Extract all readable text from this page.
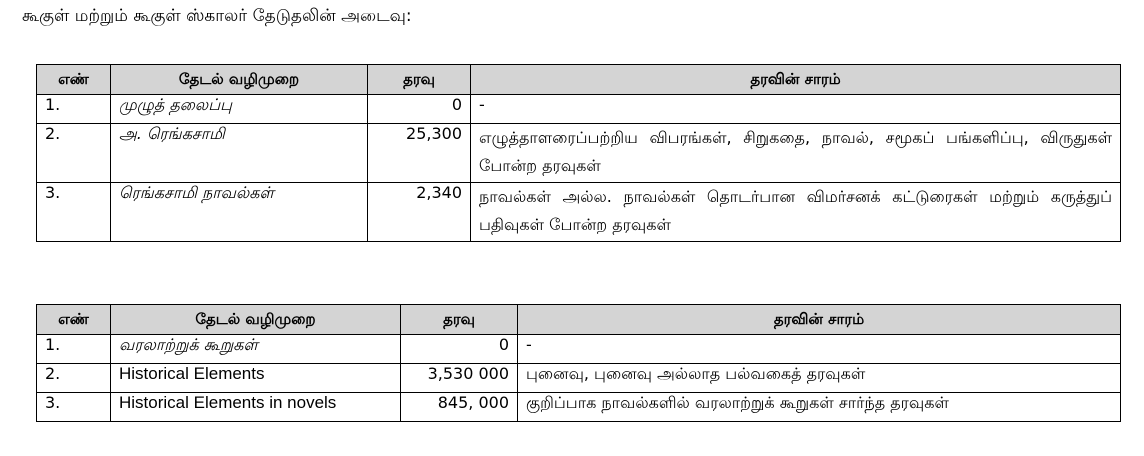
கூகுள் மற்றும் கூகுள் ஸ்காலர் தேடுதலின் அடைவு:
எண்	தேடல் வழிமுறை	தரவு	தரவின் சாரம்
1.	முழுத் தலைப்பு	0	-
2.	அ. ரெங்கசாமி	25,300	எழுத்தாளரைப்பற்றிய விபரங்கள், சிறுகதை, நாவல், சமூகப் பங்களிப்பு, விருதுகள் போன்ற தரவுகள்
3.	ரெங்கசாமி நாவல்கள்	2,340	நாவல்கள் அல்ல. நாவல்கள் தொடர்பான விமர்சனக் கட்டுரைகள் மற்றும் கருத்துப் பதிவுகள் போன்ற தரவுகள்
எண்	தேடல் வழிமுறை	தரவு	தரவின் சாரம்
1.	வரலாற்றுக் கூறுகள்	0	-
2.	Historical Elements	3,530 000	புனைவு, புனைவு அல்லாத பல்வகைத் தரவுகள்
3.	Historical Elements in novels	845, 000	குறிப்பாக நாவல்களில் வரலாற்றுக் கூறுகள் சார்ந்த தரவுகள்
